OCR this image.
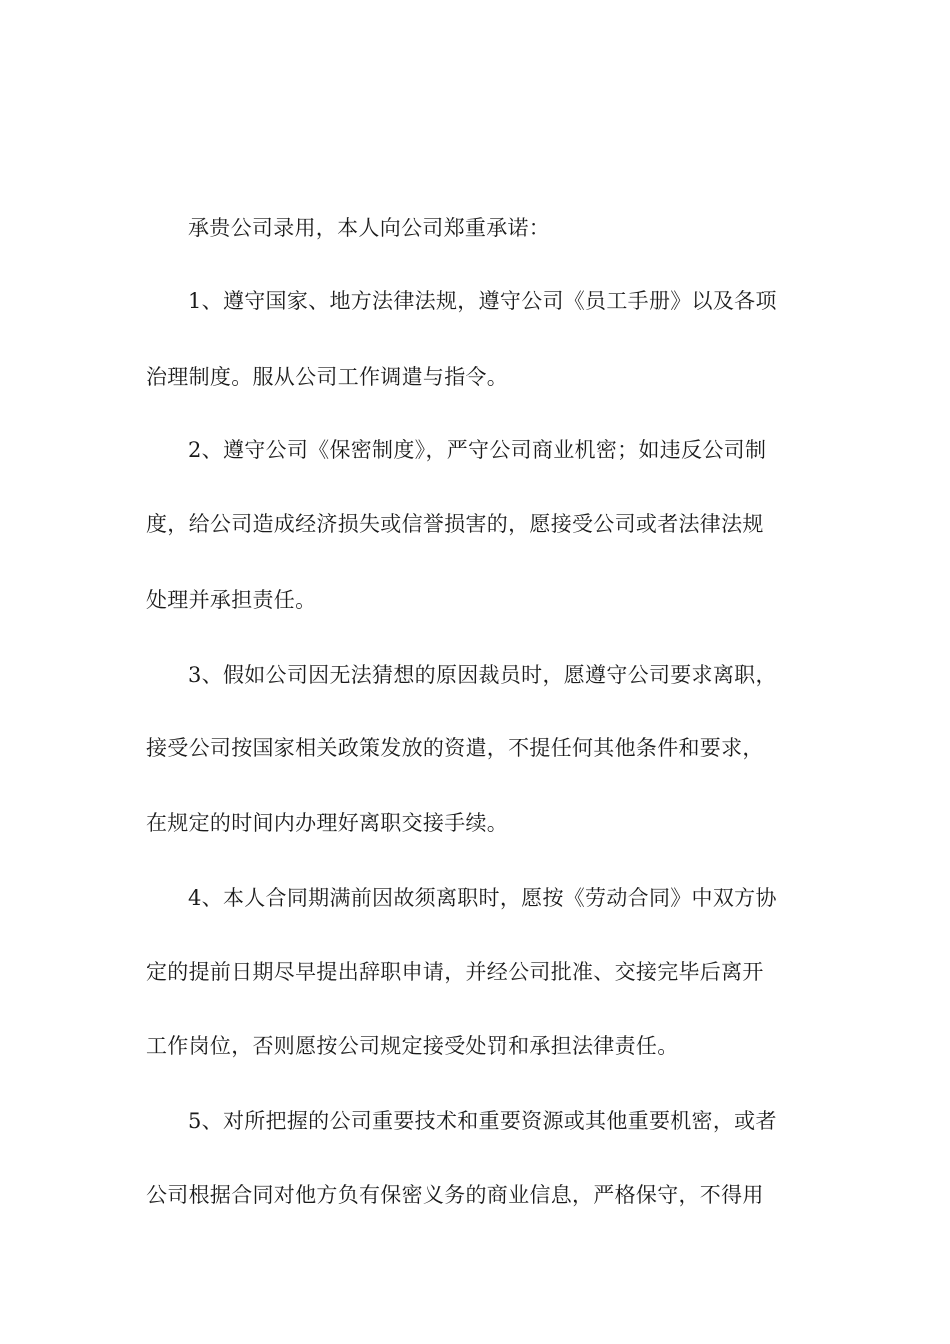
承贵公司录用，本人向公司郑重承诺：
1、遵守国家、地方法律法规，遵守公司《员工手册》以及各项
治理制度。服从公司工作调遣与指令。
2、遵守公司《保密制度》，严守公司商业机密；如违反公司制
度，给公司造成经济损失或信誉损害的，愿接受公司或者法律法规
处理并承担责任。
3、假如公司因无法猜想的原因裁员时，愿遵守公司要求离职，
接受公司按国家相关政策发放的资遣，不提任何其他条件和要求，
在规定的时间内办理好离职交接手续。
4、本人合同期满前因故须离职时，愿按《劳动合同》中双方协
定的提前日期尽早提出辞职申请，并经公司批准、交接完毕后离开
工作岗位，否则愿按公司规定接受处罚和承担法律责任。
5、对所把握的公司重要技术和重要资源或其他重要机密，或者
公司根据合同对他方负有保密义务的商业信息，严格保守，不得用
